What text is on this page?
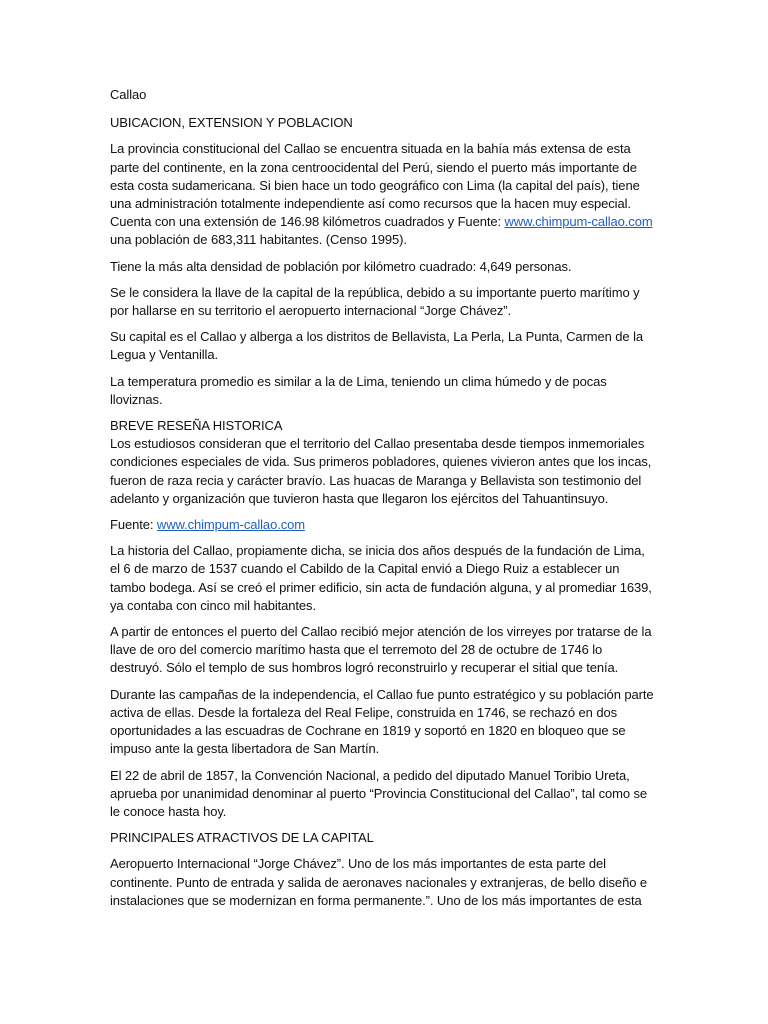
Callao

UBICACION, EXTENSION Y POBLACION

La provincia constitucional del Callao se encuentra situada en la bahía más extensa de esta parte del continente, en la zona centroocidental del Perú, siendo el puerto más importante de esta costa sudamericana. Si bien hace un todo geográfico con Lima (la capital del país), tiene una administración totalmente independiente así como recursos que la hacen muy especial. Cuenta con una extensión de 146.98 kilómetros cuadrados y Fuente: www.chimpum-callao.com una población de 683,311 habitantes. (Censo 1995).

Tiene la más alta densidad de población por kilómetro cuadrado: 4,649 personas.

Se le considera la llave de la capital de la república, debido a su importante puerto marítimo y por hallarse en su territorio el aeropuerto internacional “Jorge Chávez”.

Su capital es el Callao y alberga a los distritos de Bellavista, La Perla, La Punta, Carmen de la Legua y Ventanilla.

La temperatura promedio es similar a la de Lima, teniendo un clima húmedo y de pocas lloviznas.

BREVE RESEÑA HISTORICA

Los estudiosos consideran que el territorio del Callao presentaba desde tiempos inmemoriales condiciones especiales de vida. Sus primeros pobladores, quienes vivieron antes que los incas, fueron de raza recia y carácter bravío. Las huacas de Maranga y Bellavista son testimonio del adelanto y organización que tuvieron hasta que llegaron los ejércitos del Tahuantinsuyo.

Fuente: www.chimpum-callao.com

La historia del Callao, propiamente dicha, se inicia dos años después de la fundación de Lima, el 6 de marzo de 1537 cuando el Cabildo de la Capital envió a Diego Ruiz a establecer un tambo bodega. Así se creó el primer edificio, sin acta de fundación alguna, y al promediar 1639, ya contaba con cinco mil habitantes.

A partir de entonces el puerto del Callao recibió mejor atención de los virreyes por tratarse de la llave de oro del comercio marítimo hasta que el terremoto del 28 de octubre de 1746 lo destruyó. Sólo el templo de sus hombros logró reconstruirlo y recuperar el sitial que tenía.

Durante las campañas de la independencia, el Callao fue punto estratégico y su población parte activa de ellas. Desde la fortaleza del Real Felipe, construida en 1746, se rechazó en dos oportunidades a las escuadras de Cochrane en 1819 y soportó en 1820 en bloqueo que se impuso ante la gesta libertadora de San Martín.

El 22 de abril de 1857, la Convención Nacional, a pedido del diputado Manuel Toribio Ureta, aprueba por unanimidad denominar al puerto “Provincia Constitucional del Callao”, tal como se le conoce hasta hoy.

PRINCIPALES ATRACTIVOS DE LA CAPITAL

Aeropuerto Internacional “Jorge Chávez”. Uno de los más importantes de esta parte del continente. Punto de entrada y salida de aeronaves nacionales y extranjeras, de bello diseño e instalaciones que se modernizan en forma permanente.”. Uno de los más importantes de esta
